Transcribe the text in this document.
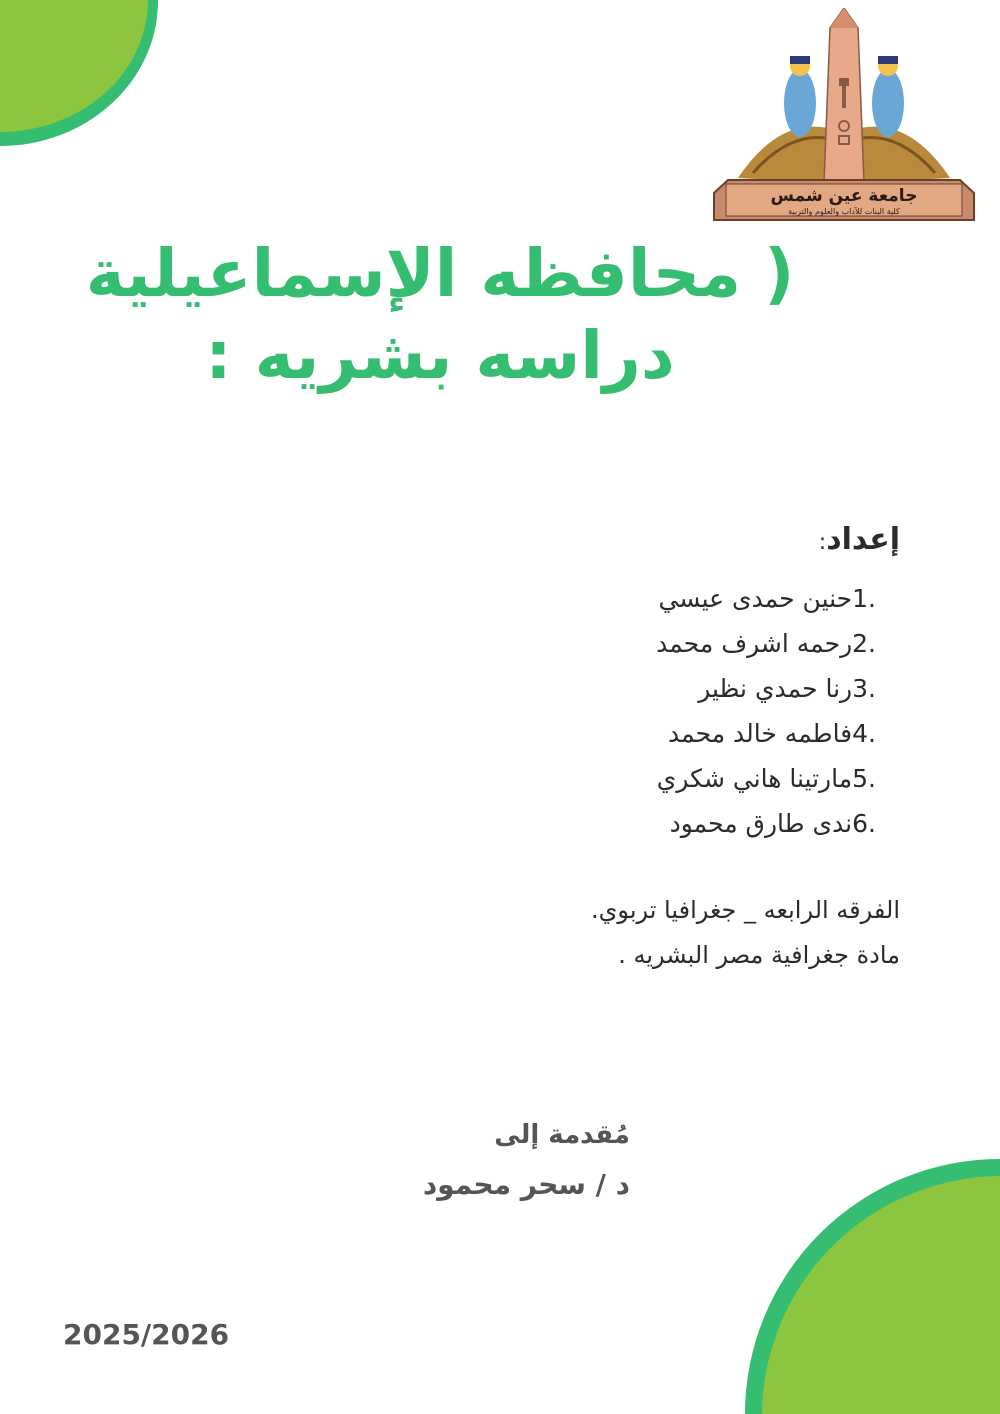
جامعة عين شمس
كلية البنات للآداب والعلوم والتربية
( محافظه الإسماعيلية
دراسه بشريه :
إعداد:
1.حنين حمدى عيسي
2.رحمه اشرف محمد
3.رنا حمدي نظير
4.فاطمه خالد محمد
5.مارتينا هاني شكري
6.ندى طارق محمود
الفرقه الرابعه _ جغرافيا تربوي.
مادة جغرافية مصر البشريه .
مُقدمة إلى
د / سحر محمود
2025/2026
